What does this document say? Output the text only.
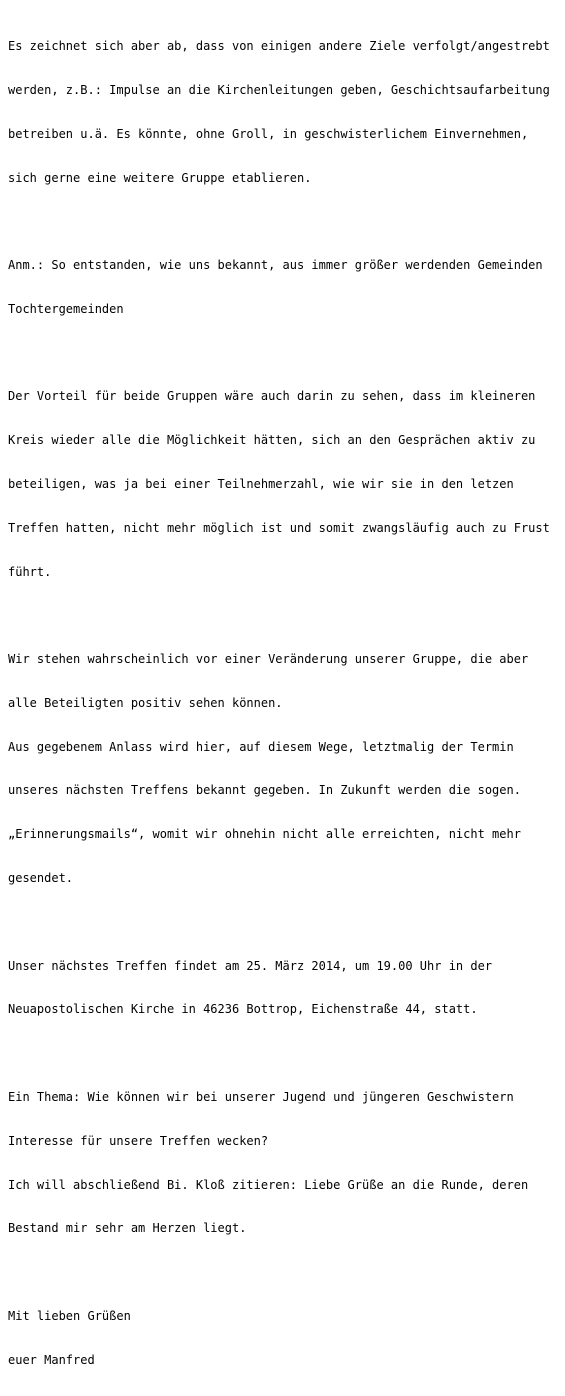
Es zeichnet sich aber ab, dass von einigen andere Ziele verfolgt/angestrebt

werden, z.B.: Impulse an die Kirchenleitungen geben, Geschichtsaufarbeitung

betreiben u.ä. Es könnte, ohne Groll, in geschwisterlichem Einvernehmen,

sich gerne eine weitere Gruppe etablieren.

Anm.: So entstanden, wie uns bekannt, aus immer größer werdenden Gemeinden

Tochtergemeinden

Der Vorteil für beide Gruppen wäre auch darin zu sehen, dass im kleineren

Kreis wieder alle die Möglichkeit hätten, sich an den Gesprächen aktiv zu

beteiligen, was ja bei einer Teilnehmerzahl, wie wir sie in den letzen

Treffen hatten, nicht mehr möglich ist und somit zwangsläufig auch zu Frust

führt.

Wir stehen wahrscheinlich vor einer Veränderung unserer Gruppe, die aber

alle Beteiligten positiv sehen können.

Aus gegebenem Anlass wird hier, auf diesem Wege, letztmalig der Termin

unseres nächsten Treffens bekannt gegeben. In Zukunft werden die sogen.

„Erinnerungsmails“, womit wir ohnehin nicht alle erreichten, nicht mehr

gesendet.

Unser nächstes Treffen findet am 25. März 2014, um 19.00 Uhr in der

Neuapostolischen Kirche in 46236 Bottrop, Eichenstraße 44, statt.

Ein Thema: Wie können wir bei unserer Jugend und jüngeren Geschwistern

Interesse für unsere Treffen wecken?

Ich will abschließend Bi. Kloß zitieren: Liebe Grüße an die Runde, deren

Bestand mir sehr am Herzen liegt.

Mit lieben Grüßen

euer Manfred
